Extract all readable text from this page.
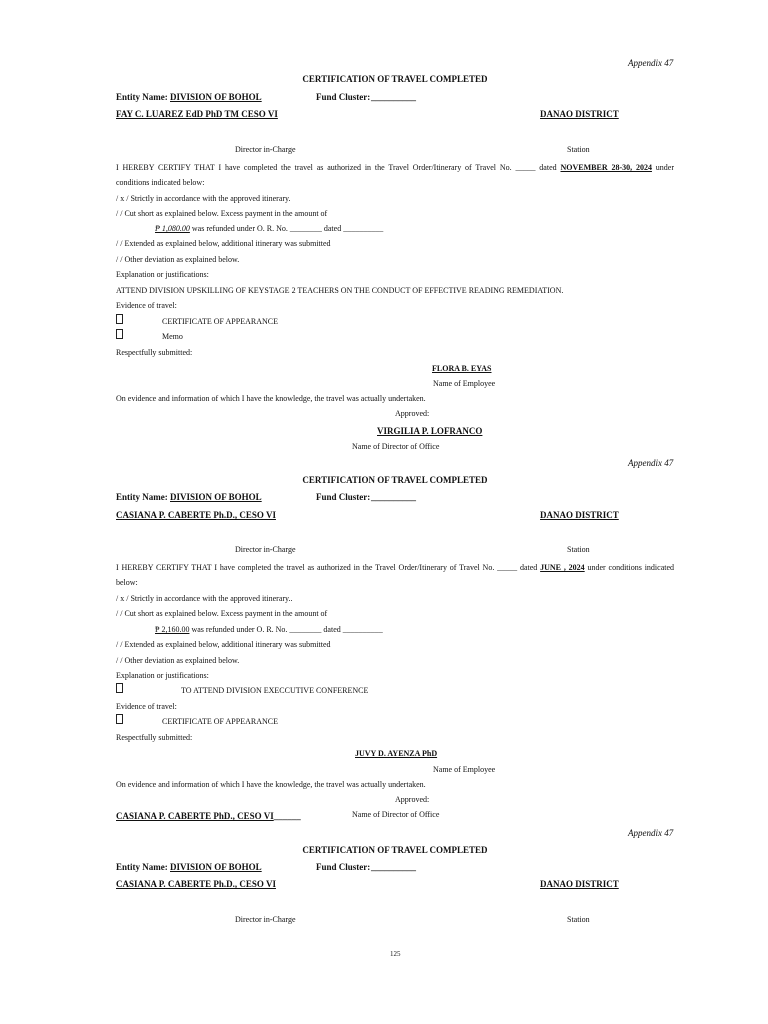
Appendix 47
CERTIFICATION OF TRAVEL COMPLETED
Entity Name: DIVISION OF BOHOL	Fund Cluster: __________
FAY C. LUAREZ EdD PhD TM CESO VI	DANAO DISTRICT
Director in-Charge	Station
I HEREBY CERTIFY THAT I have completed the travel as authorized in the Travel Order/Itinerary of Travel No. _____ dated NOVEMBER 28-30, 2024 under
conditions indicated below:
/ x / Strictly in accordance with the approved itinerary.
/ / Cut short as explained below. Excess payment in the amount of
₱ 1,080.00 was refunded under O. R. No. ________ dated __________
/ / Extended as explained below, additional itinerary was submitted
/ / Other deviation as explained below.
Explanation or justifications:
ATTEND DIVISION UPSKILLING OF KEYSTAGE 2 TEACHERS ON THE CONDUCT OF EFFECTIVE READING REMEDIATION.
Evidence of travel:
CERTIFICATE OF APPEARANCE
Memo
Respectfully submitted:
FLORA B. EYAS
Name of Employee
On evidence and information of which I have the knowledge, the travel was actually undertaken.
Approved:
VIRGILIA P. LOFRANCO
Name of Director of Office
Appendix 47
CERTIFICATION OF TRAVEL COMPLETED
Entity Name: DIVISION OF BOHOL	Fund Cluster: __________
CASIANA P. CABERTE Ph.D., CESO VI	DANAO DISTRICT
Director in-Charge	Station
I HEREBY CERTIFY THAT I have completed the travel as authorized in the Travel Order/Itinerary of Travel No. _____ dated JUNE , 2024 under conditions indicated
below:
/ x / Strictly in accordance with the approved itinerary..
/ / Cut short as explained below. Excess payment in the amount of
₱ 2,160.00 was refunded under O. R. No. ________ dated __________
/ / Extended as explained below, additional itinerary was submitted
/ / Other deviation as explained below.
Explanation or justifications:
TO ATTEND DIVISION EXECCUTIVE CONFERENCE
Evidence of travel:
CERTIFICATE OF APPEARANCE
Respectfully submitted:
JUVY D. AYENZA PhD
Name of Employee
On evidence and information of which I have the knowledge, the travel was actually undertaken.
Approved:
CASIANA P. CABERTE PhD., CESO VI______	Name of Director of Office
Appendix 47
CERTIFICATION OF TRAVEL COMPLETED
Entity Name: DIVISION OF BOHOL	Fund Cluster: __________
CASIANA P. CABERTE Ph.D., CESO VI	DANAO DISTRICT
Director in-Charge	Station
125
